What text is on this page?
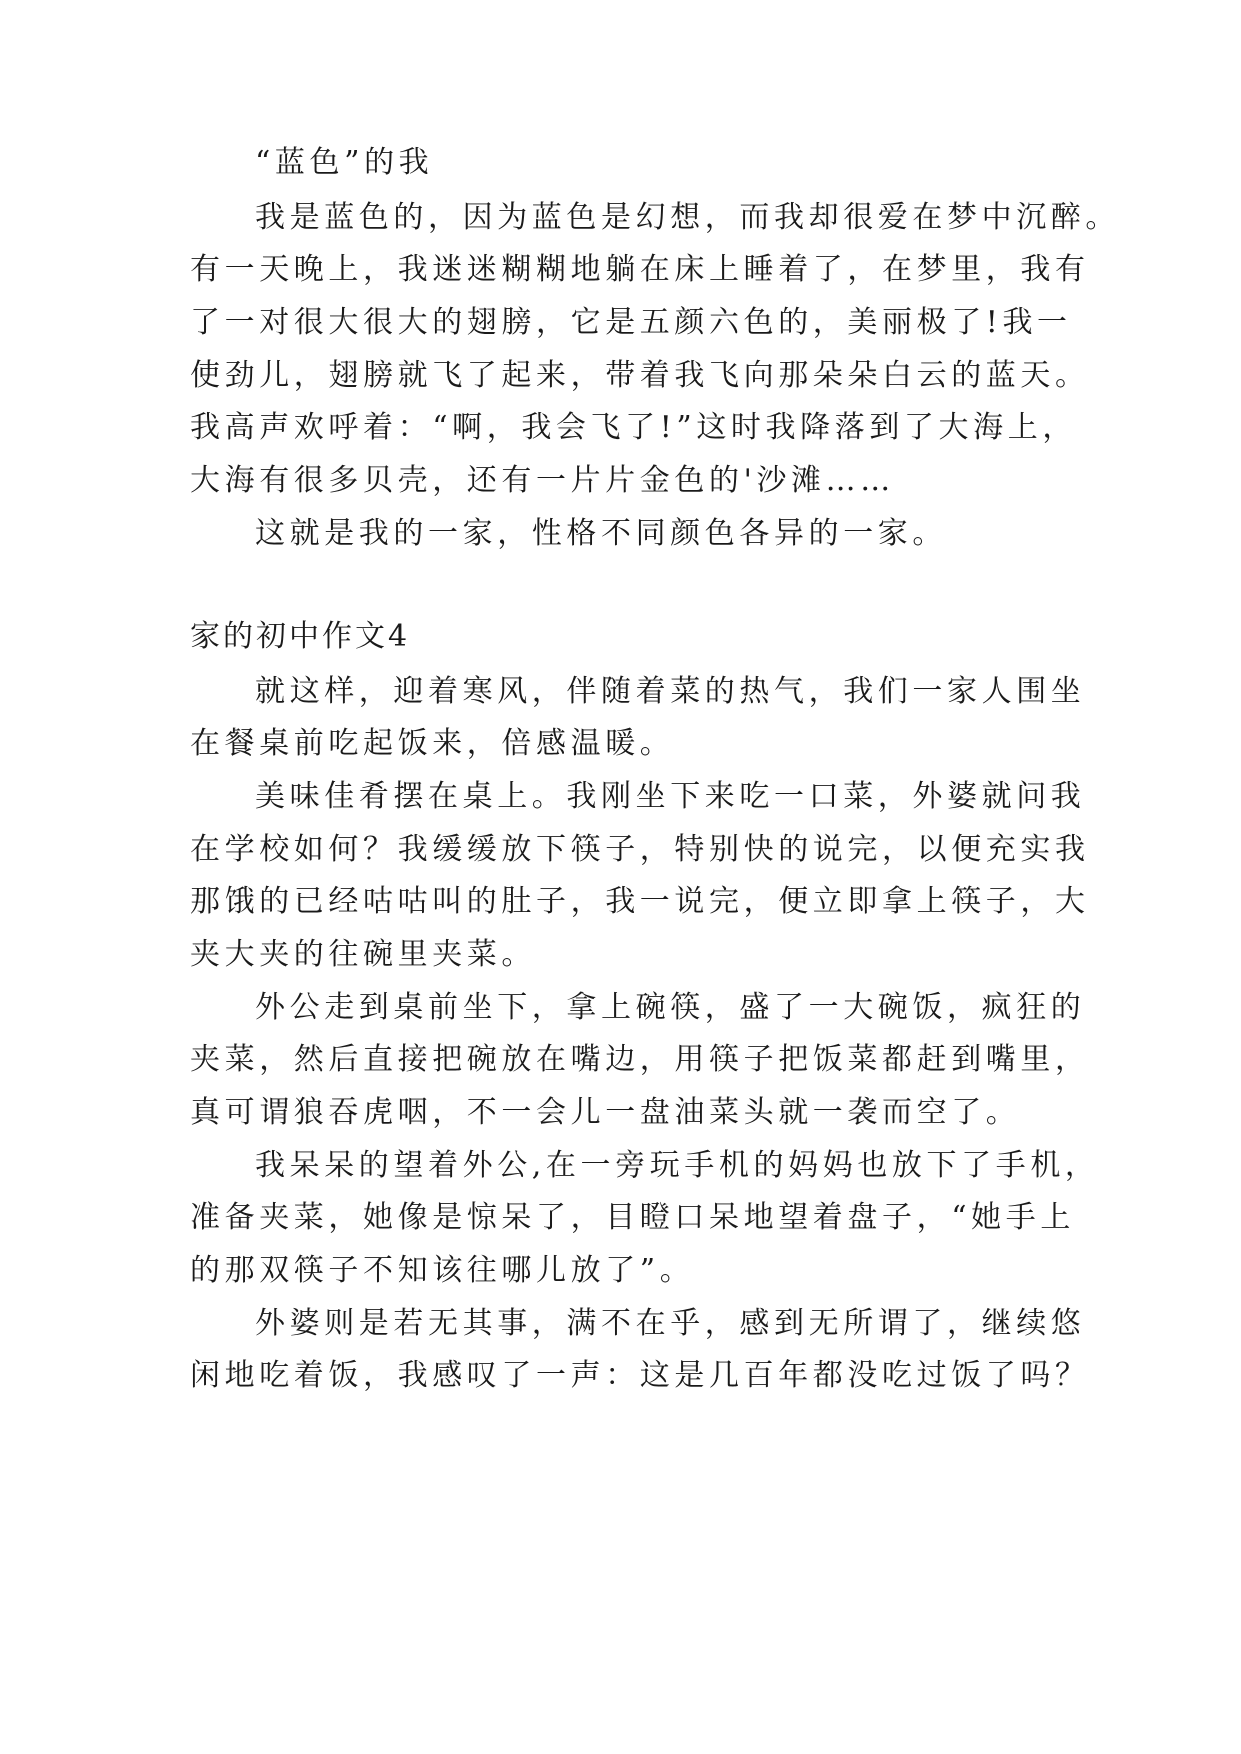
“蓝色”的我

我是蓝色的，因为蓝色是幻想，而我却很爱在梦中沉醉。

有一天晚上，我迷迷糊糊地躺在床上睡着了，在梦里，我有

了一对很大很大的翅膀，它是五颜六色的，美丽极了!我一

使劲儿，翅膀就飞了起来，带着我飞向那朵朵白云的蓝天。

我高声欢呼着：“啊，我会飞了!”这时我降落到了大海上，

大海有很多贝壳，还有一片片金色的'沙滩……

这就是我的一家，性格不同颜色各异的一家。

家的初中作文4

就这样，迎着寒风，伴随着菜的热气，我们一家人围坐

在餐桌前吃起饭来，倍感温暖。

美味佳肴摆在桌上。我刚坐下来吃一口菜，外婆就问我

在学校如何？我缓缓放下筷子，特别快的说完，以便充实我

那饿的已经咕咕叫的肚子，我一说完，便立即拿上筷子，大

夹大夹的往碗里夹菜。

外公走到桌前坐下，拿上碗筷，盛了一大碗饭，疯狂的

夹菜，然后直接把碗放在嘴边，用筷子把饭菜都赶到嘴里，

真可谓狼吞虎咽，不一会儿一盘油菜头就一袭而空了。

我呆呆的望着外公,在一旁玩手机的妈妈也放下了手机，

准备夹菜，她像是惊呆了，目瞪口呆地望着盘子，“她手上

的那双筷子不知该往哪儿放了”。

外婆则是若无其事，满不在乎，感到无所谓了，继续悠

闲地吃着饭，我感叹了一声：这是几百年都没吃过饭了吗？
